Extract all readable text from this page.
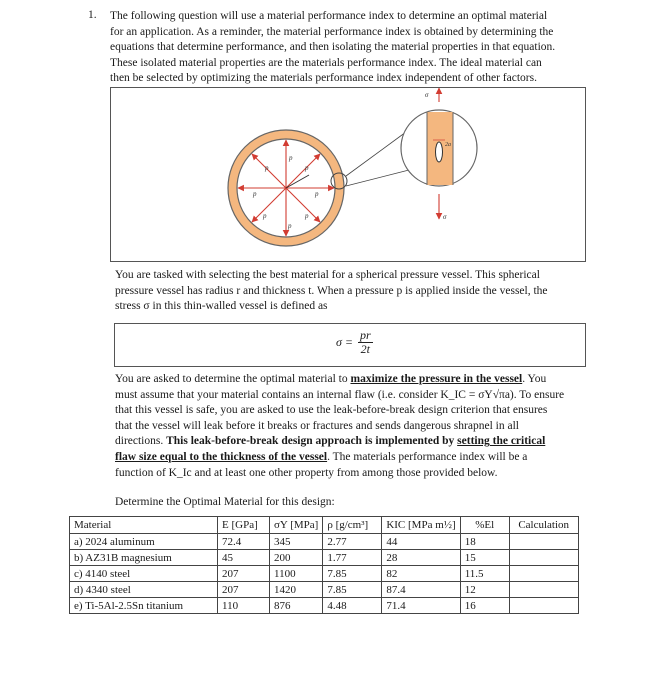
1. The following question will use a material performance index to determine an optimal material

for an application. As a reminder, the material performance index is obtained by determining the

equations that determine performance, and then isolating the material properties in that equation.

These isolated material properties are the materials performance index. The ideal material can

then be selected by optimizing the materials performance index independent of other factors.

p
p	p
p	p
p
p
p
2a
σ
σ

You are tasked with selecting the best material for a spherical pressure vessel. This spherical

pressure vessel has radius r and thickness t. When a pressure p is applied inside the vessel, the

stress σ in this thin-walled vessel is defined as

$\sigma = \frac{pr}{2t}$

You are asked to determine the optimal material to maximize the pressure in the vessel. You

must assume that your material contains an internal flaw (i.e. consider K_IC = σY√πa). To ensure

that this vessel is safe, you are asked to use the leak-before-break design criterion that ensures

that the vessel will leak before it breaks or fractures and sends dangerous shrapnel in all

directions. This leak-before-break design approach is implemented by setting the critical

flaw size equal to the thickness of the vessel. The materials performance index will be a

function of K_Ic and at least one other property from among those provided below.

Determine the Optimal Material for this design:
Material	E [GPa]	σY [MPa]	ρ [g/cm³]	KIC [MPa m½]	%El	Calculation
a) 2024 aluminum	72.4	345	2.77	44	18	
b) AZ31B magnesium	45	200	1.77	28	15	
c) 4140 steel	207	1100	7.85	82	11.5	
d) 4340 steel	207	1420	7.85	87.4	12	
e) Ti-5Al-2.5Sn titanium	110	876	4.48	71.4	16	
